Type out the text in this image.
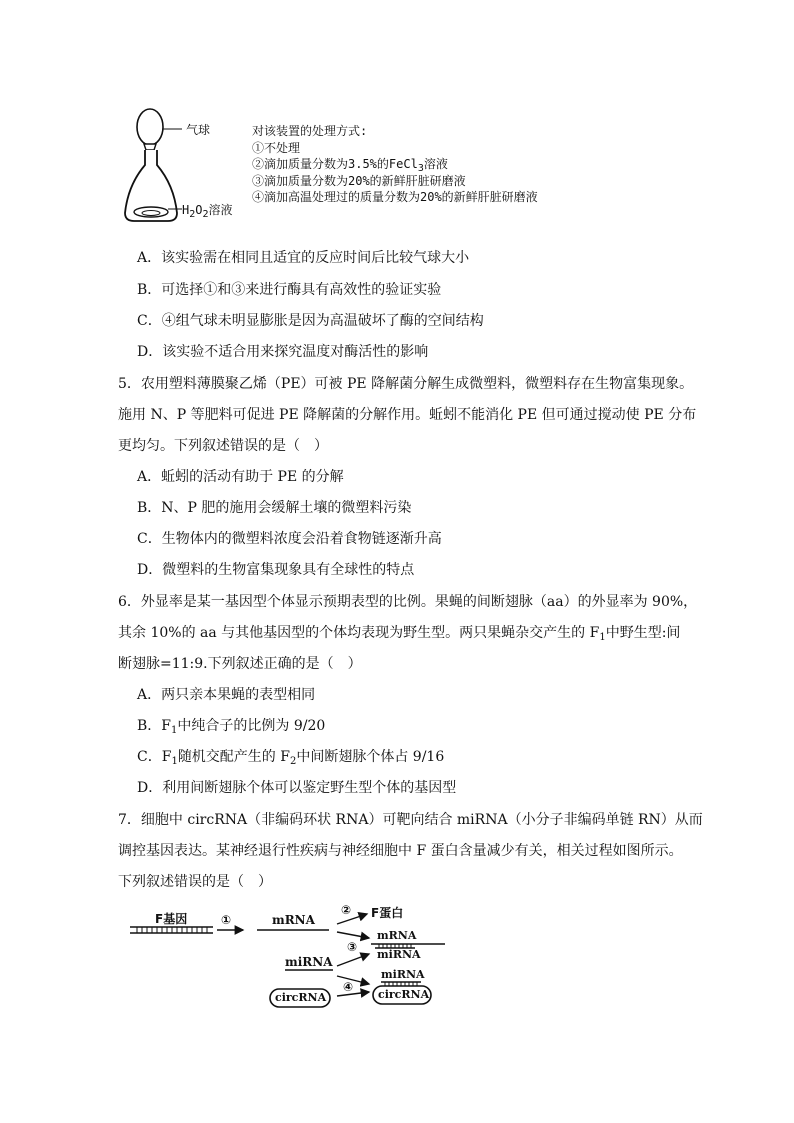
气球
$H_2O_2$溶液
对该装置的处理方式:
①不处理
②滴加质量分数为3.5%的FeCl$_3$溶液
③滴加质量分数为20%的新鲜肝脏研磨液
④滴加高温处理过的质量分数为20%的新鲜肝脏研磨液
A．该实验需在相同且适宜的反应时间后比较气球大小
B．可选择①和③来进行酶具有高效性的验证实验
C．④组气球未明显膨胀是因为高温破坏了酶的空间结构
D．该实验不适合用来探究温度对酶活性的影响
5．农用塑料薄膜聚乙烯（PE）可被 PE 降解菌分解生成微塑料，微塑料存在生物富集现象。
施用 N、P 等肥料可促进 PE 降解菌的分解作用。蚯蚓不能消化 PE 但可通过搅动使 PE 分布
更均匀。下列叙述错误的是（　）
A．蚯蚓的活动有助于 PE 的分解
B．N、P 肥的施用会缓解土壤的微塑料污染
C．生物体内的微塑料浓度会沿着食物链逐渐升高
D．微塑料的生物富集现象具有全球性的特点
6．外显率是某一基因型个体显示预期表型的比例。果蝇的间断翅脉（aa）的外显率为 90%，
其余 10%的 aa 与其他基因型的个体均表现为野生型。两只果蝇杂交产生的 $F_1$中野生型:间
断翅脉=11:9.下列叙述正确的是（　）
A．两只亲本果蝇的表型相同
B．$F_1$中纯合子的比例为 9/20
C．$F_1$随机交配产生的 $F_2$中间断翅脉个体占 9/16
D．利用间断翅脉个体可以鉴定野生型个体的基因型
7．细胞中 circRNA（非编码环状 RNA）可靶向结合 miRNA（小分子非编码单链 RN）从而
调控基因表达。某神经退行性疾病与神经细胞中 F 蛋白含量减少有关，相关过程如图所示。
下列叙述错误的是（　）
F基因	①	mRNA
② F蛋白
③
mRNA
miRNA
miRNA
④
miRNA
circRNA	circRNA
